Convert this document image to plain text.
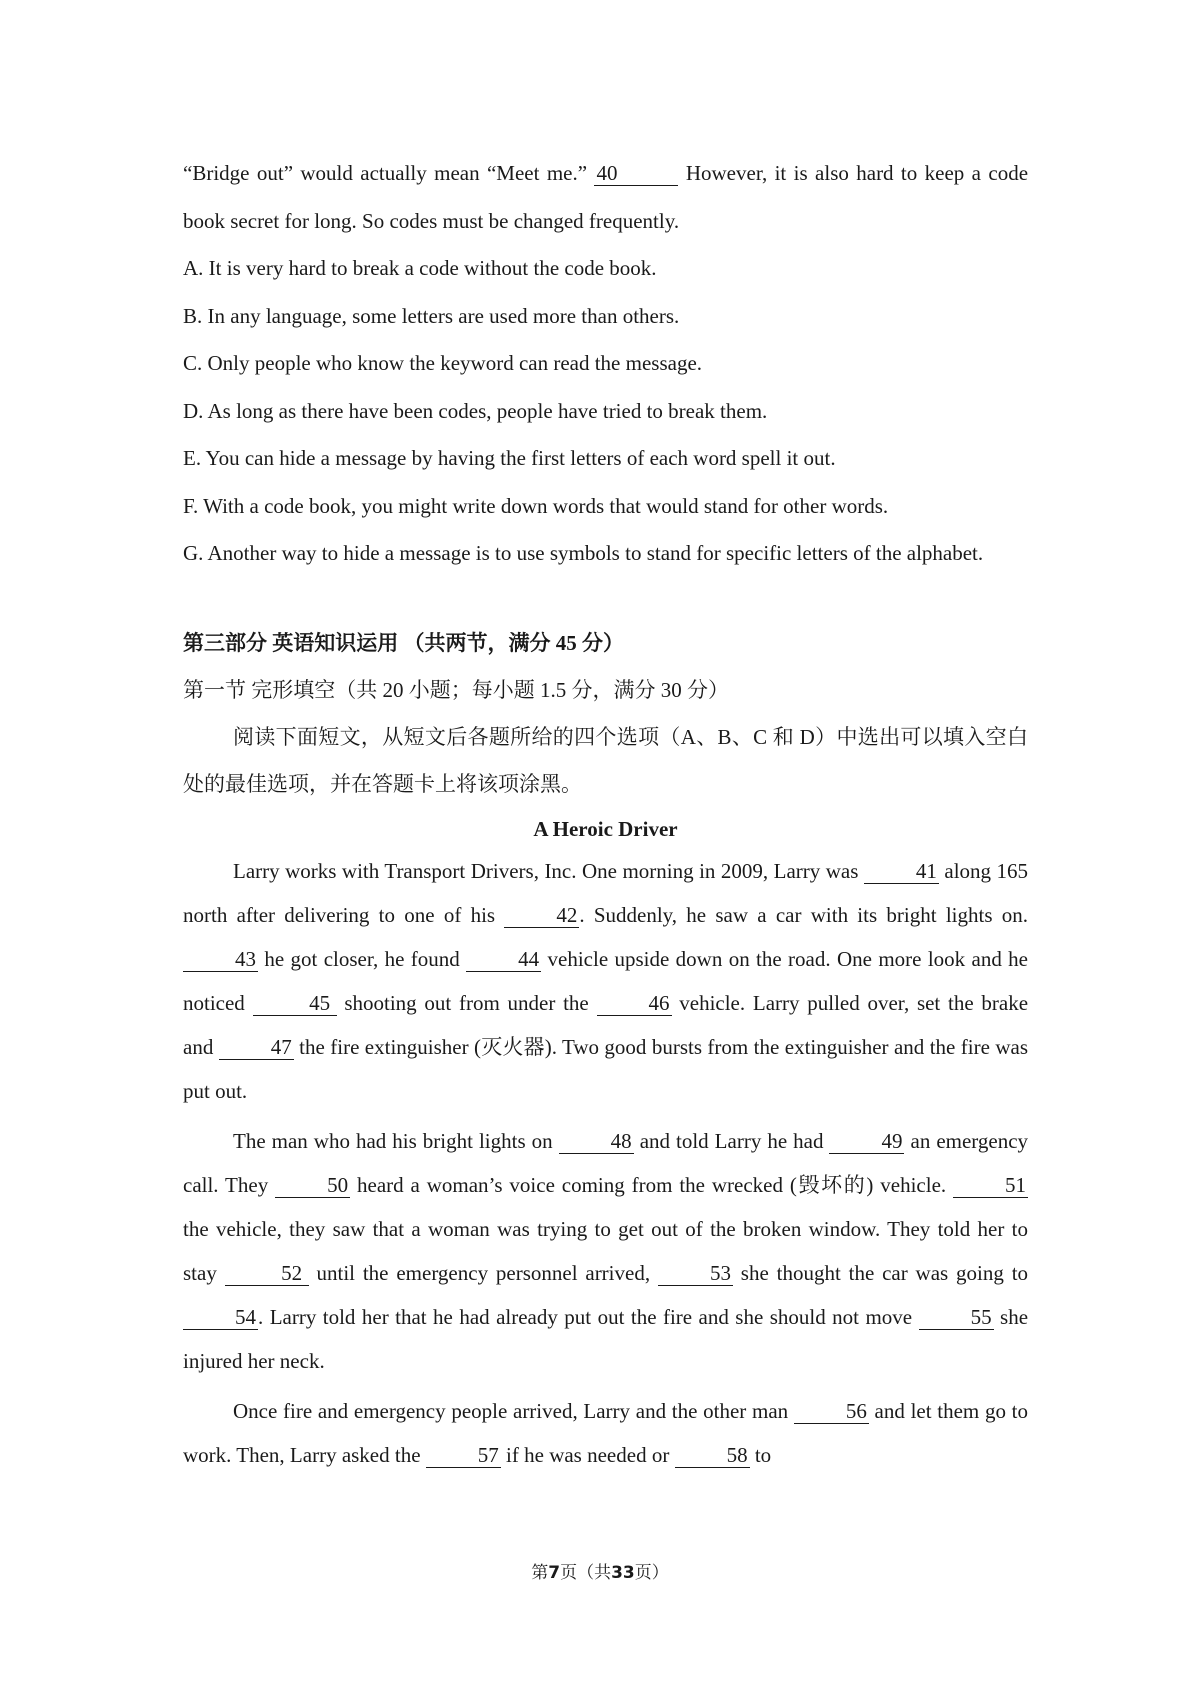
“Bridge out” would actually mean “Meet me.” 40	However, it is also hard to keep a code book secret for long. So codes must be changed frequently.

A. It is very hard to break a code without the code book.

B. In any language, some letters are used more than others.

C. Only people who know the keyword can read the message.

D. As long as there have been codes, people have tried to break them.

E. You can hide a message by having the first letters of each word spell it out.

F. With a code book, you might write down words that would stand for other words.

G. Another way to hide a message is to use symbols to stand for specific letters of the alphabet.

第三部分 英语知识运用 （共两节，满分 45 分）

第一节 完形填空（共 20 小题；每小题 1.5 分，满分 30 分）

阅读下面短文，从短文后各题所给的四个选项（A、B、C 和 D）中选出可以填入空白处的最佳选项，并在答题卡上将该项涂黑。

A Heroic Driver

Larry works with Transport Drivers, Inc. One morning in 2009, Larry was	41 along 165 north after delivering to one of his	42. Suddenly, he saw a car with its bright lights on. 43 he got closer, he found	44 vehicle upside down on the road. One more look and he noticed	45 shooting out from under the	46 vehicle. Larry pulled over, set the brake and	47 the fire extinguisher (灭火器). Two good bursts from the extinguisher and the fire was put out.

The man who had his bright lights on	48 and told Larry he had	49 an emergency call. They	50 heard a woman’s voice coming from the wrecked (毁坏的) vehicle.	51 the vehicle, they saw that a woman was trying to get out of the broken window. They told her to stay	52 until the emergency personnel arrived,	53 she thought the car was going to 54. Larry told her that he had already put out the fire and she should not move	55 she injured her neck.

Once fire and emergency people arrived, Larry and the other man	56 and let them go to work. Then, Larry asked the	57 if he was needed or	58 to

第7页（共33页）
